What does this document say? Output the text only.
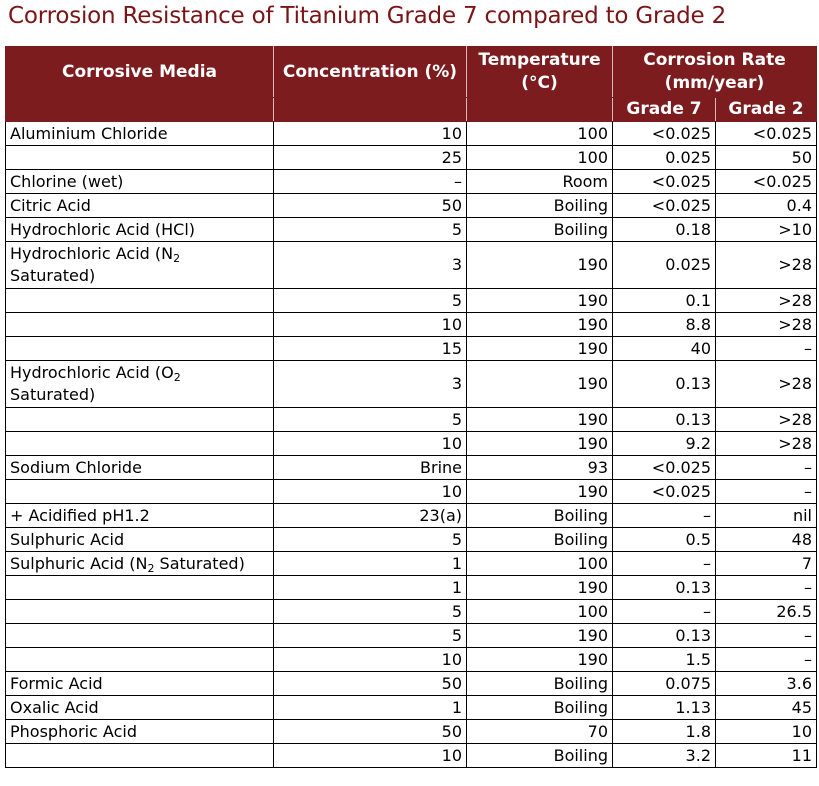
Corrosion Resistance of Titanium Grade 7 compared to Grade 2
Corrosive Media	Concentration (%)	Temperature (°C)	Corrosion Rate (mm/year)	
			Grade 7	Grade 2
Aluminium Chloride	10	100	<0.025	<0.025
	25	100	0.025	50
Chlorine (wet)	–	Room	<0.025	<0.025
Citric Acid	50	Boiling	<0.025	0.4
Hydrochloric Acid (HCl)	5	Boiling	0.18	>10
Hydrochloric Acid ($N_2$ Saturated)	3	190	0.025	>28
	5	190	0.1	>28
	10	190	8.8	>28
	15	190	40	–
Hydrochloric Acid ($O_2$ Saturated)	3	190	0.13	>28
	5	190	0.13	>28
	10	190	9.2	>28
Sodium Chloride	Brine	93	<0.025	–
	10	190	<0.025	–
+ Acidified pH1.2	23(a)	Boiling	–	nil
Sulphuric Acid	5	Boiling	0.5	48
Sulphuric Acid ($N_2$ Saturated)	1	100	–	7
	1	190	0.13	–
	5	100	–	26.5
	5	190	0.13	–
	10	190	1.5	–
Formic Acid	50	Boiling	0.075	3.6
Oxalic Acid	1	Boiling	1.13	45
Phosphoric Acid	50	70	1.8	10
	10	Boiling	3.2	11
